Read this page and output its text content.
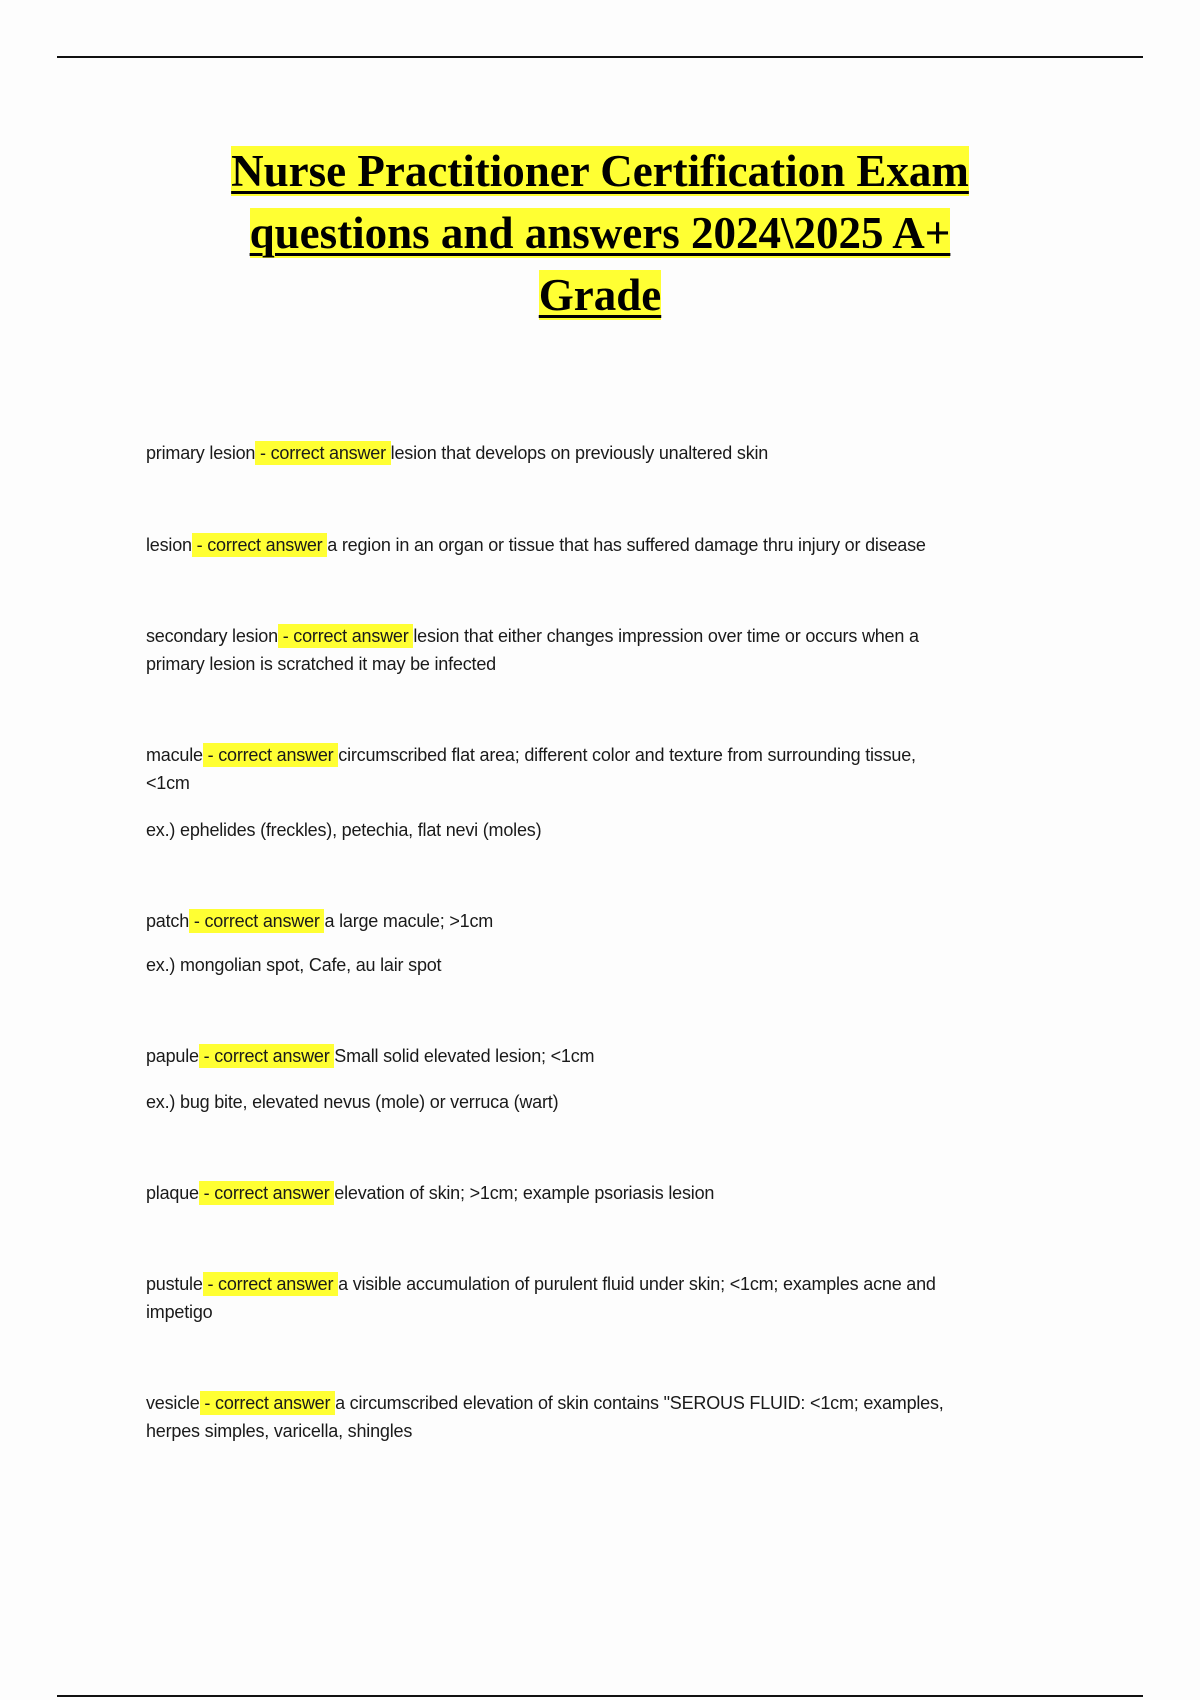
Nurse Practitioner Certification Exam
questions and answers 2024\2025 A+
Grade
primary lesion - correct answer lesion that develops on previously unaltered skin
lesion - correct answer a region in an organ or tissue that has suffered damage thru injury or disease
secondary lesion - correct answer lesion that either changes impression over time or occurs when a
primary lesion is scratched it may be infected
macule - correct answer circumscribed flat area; different color and texture from surrounding tissue,
<1cm
ex.) ephelides (freckles), petechia, flat nevi (moles)
patch - correct answer a large macule; >1cm
ex.) mongolian spot, Cafe, au lair spot
papule - correct answer Small solid elevated lesion; <1cm
ex.) bug bite, elevated nevus (mole) or verruca (wart)
plaque - correct answer elevation of skin; >1cm; example psoriasis lesion
pustule - correct answer a visible accumulation of purulent fluid under skin; <1cm; examples acne and
impetigo
vesicle - correct answer a circumscribed elevation of skin contains "SEROUS FLUID: <1cm; examples,
herpes simples, varicella, shingles
